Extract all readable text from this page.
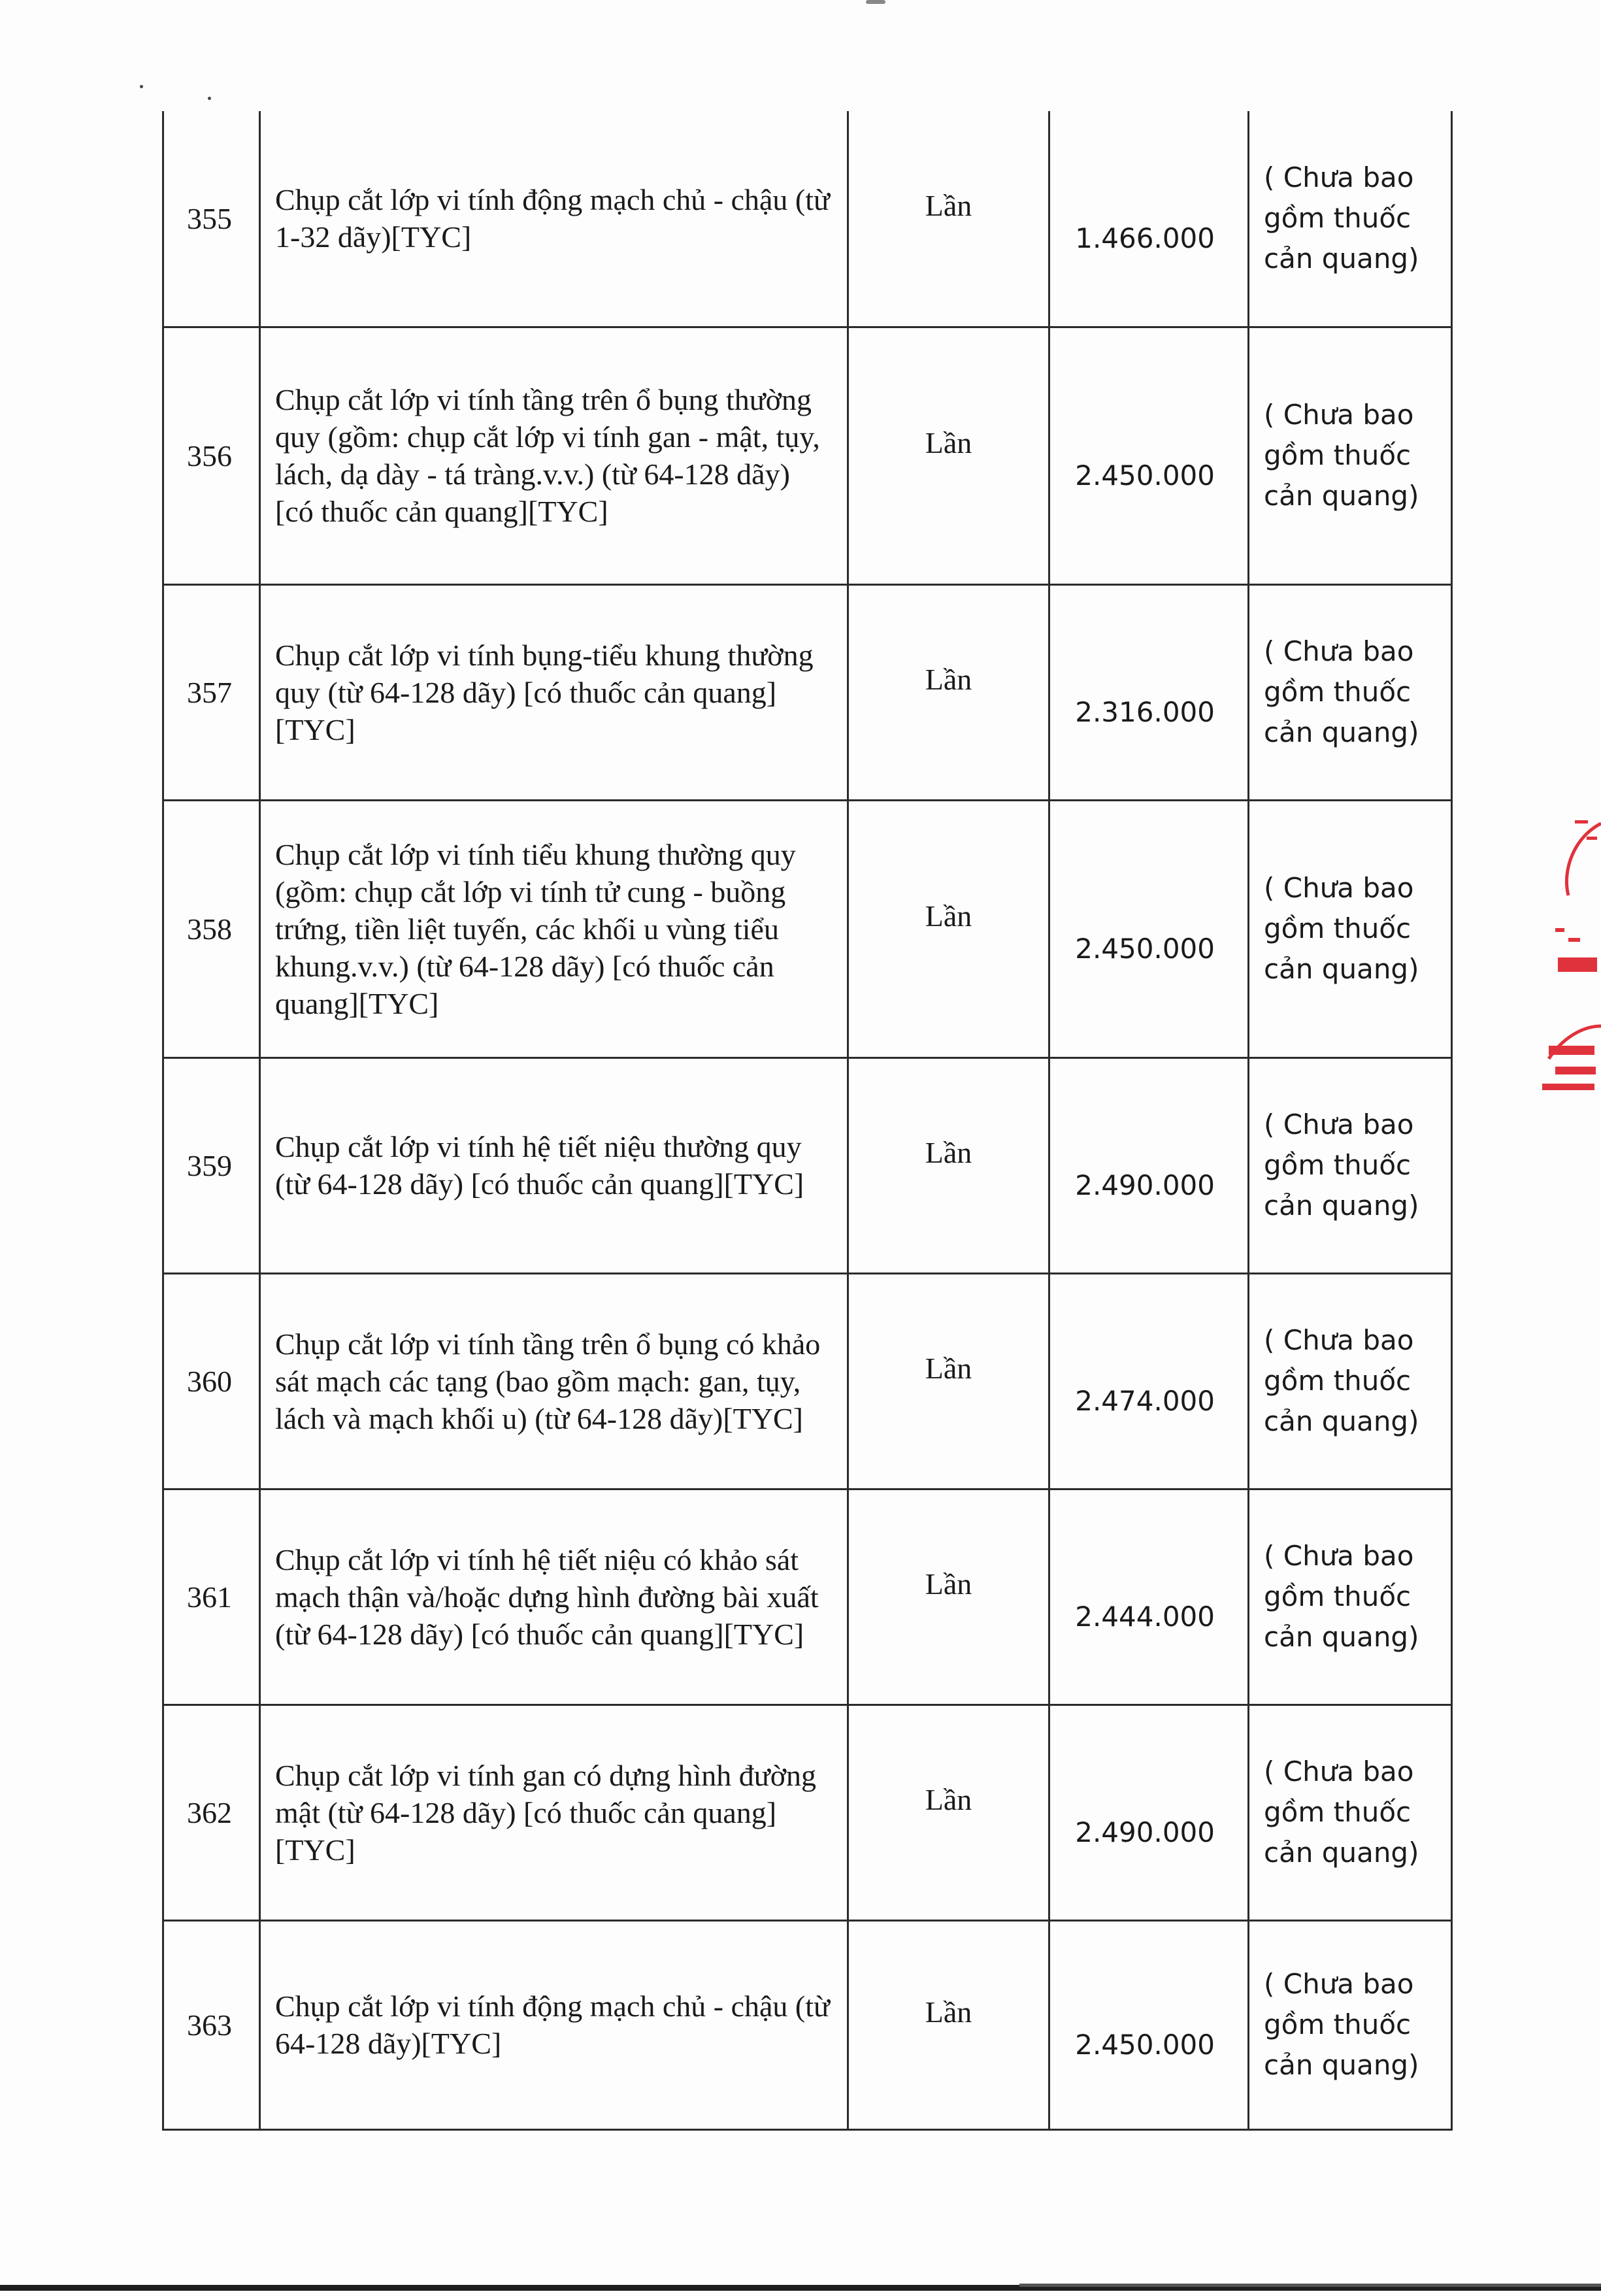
355	Chụp cắt lớp vi tính động mạch chủ - chậu (từ 1-32 dãy)[TYC]	Lần	1.466.000	( Chưa bao gồm thuốc cản quang)
356	Chụp cắt lớp vi tính tầng trên ổ bụng thường quy (gồm: chụp cắt lớp vi tính gan - mật, tụy, lách, dạ dày - tá tràng.v.v.) (từ 64-128 dãy) [có thuốc cản quang][TYC]	Lần	2.450.000	( Chưa bao gồm thuốc cản quang)
357	Chụp cắt lớp vi tính bụng-tiểu khung thường quy (từ 64-128 dãy) [có thuốc cản quang][TYC]	Lần	2.316.000	( Chưa bao gồm thuốc cản quang)
358	Chụp cắt lớp vi tính tiểu khung thường quy (gồm: chụp cắt lớp vi tính tử cung - buồng trứng, tiền liệt tuyến, các khối u vùng tiểu khung.v.v.) (từ 64-128 dãy) [có thuốc cản quang][TYC]	Lần	2.450.000	( Chưa bao gồm thuốc cản quang)
359	Chụp cắt lớp vi tính hệ tiết niệu thường quy (từ 64-128 dãy) [có thuốc cản quang][TYC]	Lần	2.490.000	( Chưa bao gồm thuốc cản quang)
360	Chụp cắt lớp vi tính tầng trên ổ bụng có khảo sát mạch các tạng (bao gồm mạch: gan, tụy, lách và mạch khối u) (từ 64-128 dãy)[TYC]	Lần	2.474.000	( Chưa bao gồm thuốc cản quang)
361	Chụp cắt lớp vi tính hệ tiết niệu có khảo sát mạch thận và/hoặc dựng hình đường bài xuất (từ 64-128 dãy) [có thuốc cản quang][TYC]	Lần	2.444.000	( Chưa bao gồm thuốc cản quang)
362	Chụp cắt lớp vi tính gan có dựng hình đường mật (từ 64-128 dãy) [có thuốc cản quang][TYC]	Lần	2.490.000	( Chưa bao gồm thuốc cản quang)
363	Chụp cắt lớp vi tính động mạch chủ - chậu (từ 64-128 dãy)[TYC]	Lần	2.450.000	( Chưa bao gồm thuốc cản quang)
